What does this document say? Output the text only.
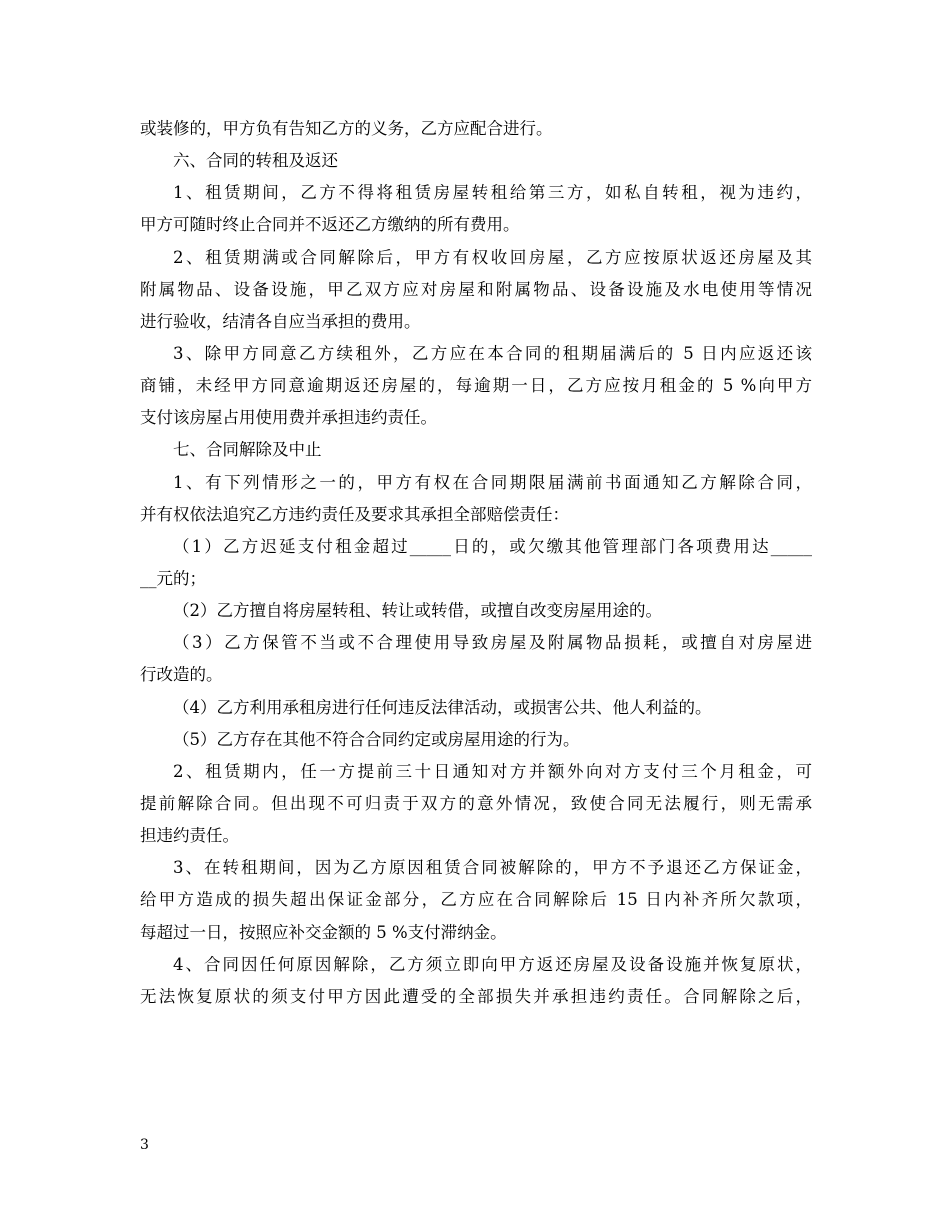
或装修的，甲方负有告知乙方的义务，乙方应配合进行。
六、合同的转租及返还
1、租赁期间，乙方不得将租赁房屋转租给第三方，如私自转租，视为违约，
甲方可随时终止合同并不返还乙方缴纳的所有费用。
2、租赁期满或合同解除后，甲方有权收回房屋，乙方应按原状返还房屋及其
附属物品、设备设施，甲乙双方应对房屋和附属物品、设备设施及水电使用等情况
进行验收，结清各自应当承担的费用。
3、除甲方同意乙方续租外，乙方应在本合同的租期届满后的 5 日内应返还该
商铺，未经甲方同意逾期返还房屋的，每逾期一日，乙方应按月租金的 5 %向甲方
支付该房屋占用使用费并承担违约责任。
七、合同解除及中止
1、有下列情形之一的，甲方有权在合同期限届满前书面通知乙方解除合同，
并有权依法追究乙方违约责任及要求其承担全部赔偿责任：
（1）乙方迟延支付租金超过_____日的，或欠缴其他管理部门各项费用达_____
__元的；
（2）乙方擅自将房屋转租、转让或转借，或擅自改变房屋用途的。
（3）乙方保管不当或不合理使用导致房屋及附属物品损耗，或擅自对房屋进
行改造的。
（4）乙方利用承租房进行任何违反法律活动，或损害公共、他人利益的。
（5）乙方存在其他不符合合同约定或房屋用途的行为。
2、租赁期内，任一方提前三十日通知对方并额外向对方支付三个月租金，可
提前解除合同。但出现不可归责于双方的意外情况，致使合同无法履行，则无需承
担违约责任。
3、在转租期间，因为乙方原因租赁合同被解除的，甲方不予退还乙方保证金，
给甲方造成的损失超出保证金部分，乙方应在合同解除后 15 日内补齐所欠款项，
每超过一日，按照应补交金额的 5 %支付滞纳金。
4、合同因任何原因解除，乙方须立即向甲方返还房屋及设备设施并恢复原状，
无法恢复原状的须支付甲方因此遭受的全部损失并承担违约责任。合同解除之后，
3
